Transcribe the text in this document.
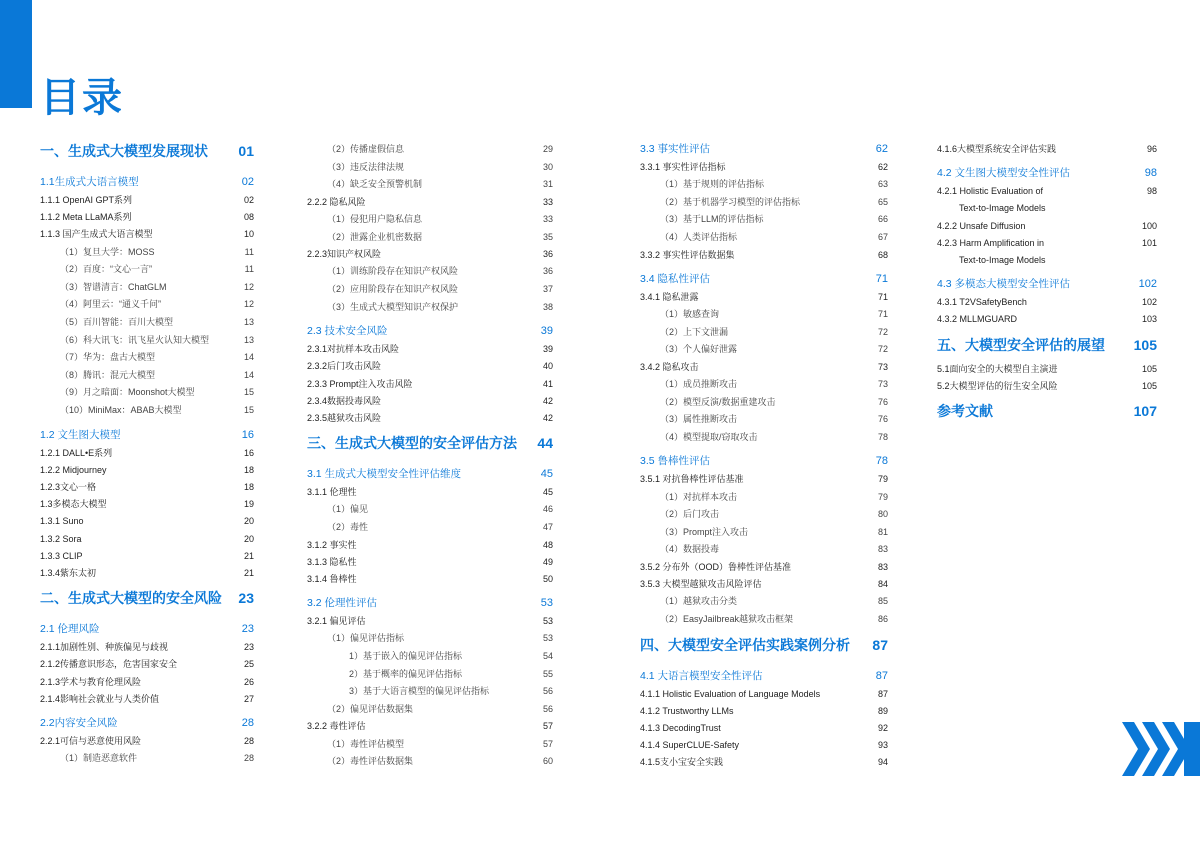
目录
一、生成式大模型发展现状 01
1.1生成式大语言模型	02
1.1.1 OpenAI GPT系列	02
1.1.2 Meta LLaMA系列	08
1.1.3 国产生成式大语言模型	10
（1）复旦大学：MOSS	11
（2）百度：“文心一言”	11
（3）智谱清言：ChatGLM	12
（4）阿里云：“通义千问”	12
（5）百川智能：百川大模型	13
（6）科大讯飞：讯飞星火认知大模型	13
（7）华为：盘古大模型	14
（8）腾讯：混元大模型	14
（9）月之暗面：Moonshot大模型	15
（10）MiniMax：ABAB大模型	15
1.2 文生图大模型	16
1.2.1 DALL•E系列	16
1.2.2 Midjourney	18
1.2.3文心一格	18
1.3多模态大模型	19
1.3.1 Suno	20
1.3.2 Sora	20
1.3.3 CLIP	21
1.3.4紫东太初	21
二、生成式大模型的安全风险 23
2.1 伦理风险	23
2.1.1加剧性别、种族偏见与歧视	23
2.1.2传播意识形态，危害国家安全	25
2.1.3学术与教育伦理风险	26
2.1.4影响社会就业与人类价值	27
2.2内容安全风险	28
2.2.1可信与恶意使用风险	28
（1）制造恶意软件	28
（2）传播虚假信息	29
（3）违反法律法规	30
（4）缺乏安全预警机制	31
2.2.2 隐私风险	33
（1）侵犯用户隐私信息	33
（2）泄露企业机密数据	35
2.2.3知识产权风险	36
（1）训练阶段存在知识产权风险	36
（2）应用阶段存在知识产权风险	37
（3）生成式大模型知识产权保护	38
2.3 技术安全风险	39
2.3.1对抗样本攻击风险	39
2.3.2后门攻击风险	40
2.3.3 Prompt注入攻击风险	41
2.3.4数据投毒风险	42
2.3.5越狱攻击风险	42
三、生成式大模型的安全评估方法 44
3.1 生成式大模型安全性评估维度	45
3.1.1 伦理性	45
（1）偏见	46
（2）毒性	47
3.1.2 事实性	48
3.1.3 隐私性	49
3.1.4 鲁棒性	50
3.2 伦理性评估	53
3.2.1 偏见评估	53
（1）偏见评估指标	53
1）基于嵌入的偏见评估指标	54
2）基于概率的偏见评估指标	55
3）基于大语言模型的偏见评估指标	56
（2）偏见评估数据集	56
3.2.2 毒性评估	57
（1）毒性评估模型	57
（2）毒性评估数据集	60
3.3 事实性评估	62
3.3.1 事实性评估指标	62
（1）基于规则的评估指标	63
（2）基于机器学习模型的评估指标	65
（3）基于LLM的评估指标	66
（4）人类评估指标	67
3.3.2 事实性评估数据集	68
3.4 隐私性评估	71
3.4.1 隐私泄露	71
（1）敏感查询	71
（2）上下文泄漏	72
（3）个人偏好泄露	72
3.4.2 隐私攻击	73
（1）成员推断攻击	73
（2）模型反演/数据重建攻击	76
（3）属性推断攻击	76
（4）模型提取/窃取攻击	78
3.5 鲁棒性评估	78
3.5.1 对抗鲁棒性评估基准	79
（1）对抗样本攻击	79
（2）后门攻击	80
（3）Prompt注入攻击	81
（4）数据投毒	83
3.5.2 分布外（OOD）鲁棒性评估基准	83
3.5.3 大模型越狱攻击风险评估	84
（1）越狱攻击分类	85
（2）EasyJailbreak越狱攻击框架	86
四、大模型安全评估实践案例分析 87
4.1 大语言模型安全性评估	87
4.1.1 Holistic Evaluation of Language Models	87
4.1.2 Trustworthy LLMs	89
4.1.3 DecodingTrust	92
4.1.4 SuperCLUE-Safety	93
4.1.5支小宝安全实践	94
4.1.6大模型系统安全评估实践	96
4.2 文生图大模型安全性评估	98
4.2.1 Holistic Evaluation of	98
Text-to-Image Models
4.2.2 Unsafe Diffusion	100
4.2.3 Harm Amplification in	101
Text-to-Image Models
4.3 多模态大模型安全性评估	102
4.3.1 T2VSafetyBench	102
4.3.2 MLLMGUARD	103
五、大模型安全评估的展望 105
5.1面向安全的大模型自主演进	105
5.2大模型评估的衍生安全风险	105
参考文献	107
